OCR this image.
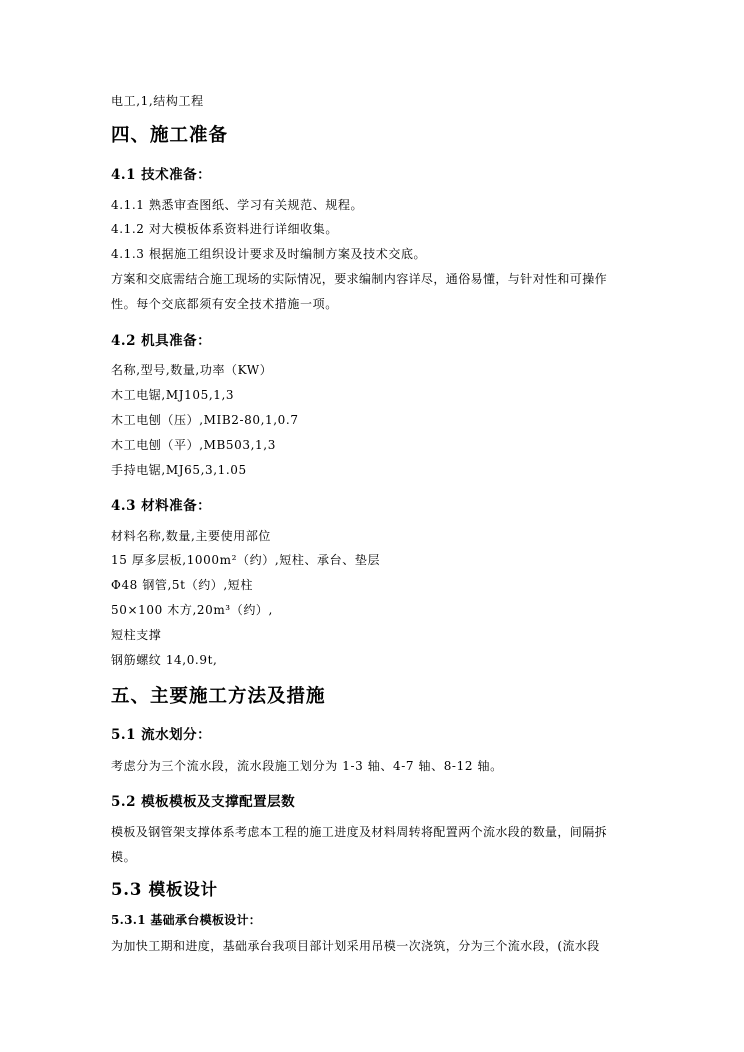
电工,1,结构工程

四、施工准备

4.1 技术准备：

4.1.1 熟悉审查图纸、学习有关规范、规程。

4.1.2 对大模板体系资料进行详细收集。

4.1.3 根据施工组织设计要求及时编制方案及技术交底。

方案和交底需结合施工现场的实际情况，要求编制内容详尽，通俗易懂，与针对性和可操作

性。每个交底都须有安全技术措施一项。

4.2 机具准备：

名称,型号,数量,功率（KW）

木工电锯,MJ105,1,3

木工电刨（压）,MIB2-80,1,0.7

木工电刨（平）,MB503,1,3

手持电锯,MJ65,3,1.05

4.3 材料准备：

材料名称,数量,主要使用部位

15 厚多层板,1000m²（约）,短柱、承台、垫层

Φ48 钢管,5t（约）,短柱

50×100 木方,20m³（约）,

短柱支撑

钢筋螺纹 14,0.9t,

五、主要施工方法及措施

5.1 流水划分：

考虑分为三个流水段，流水段施工划分为 1-3 轴、4-7 轴、8-12 轴。

5.2 模板模板及支撑配置层数

模板及钢管架支撑体系考虑本工程的施工进度及材料周转将配置两个流水段的数量，间隔拆

模。

5.3 模板设计

5.3.1 基础承台模板设计：

为加快工期和进度，基础承台我项目部计划采用吊模一次浇筑，分为三个流水段，(流水段
